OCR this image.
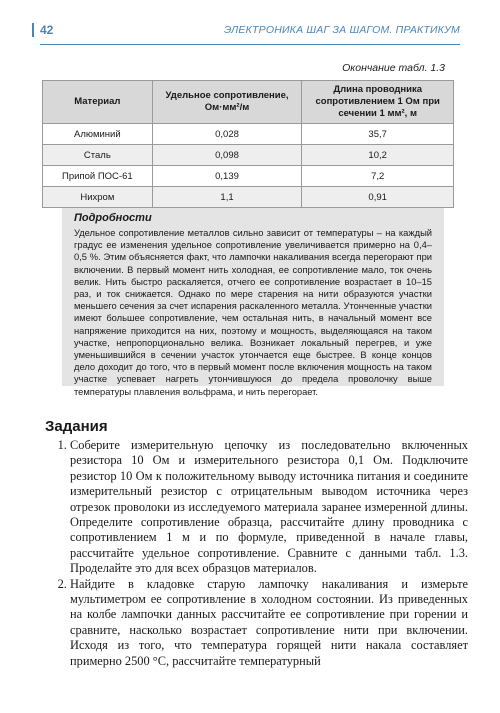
42	ЭЛЕКТРОНИКА ШАГ ЗА ШАГОМ. ПРАКТИКУМ
Окончание табл. 1.3
Материал	Удельное сопротивление, Ом·мм²/м	Длина проводника сопротивлением 1 Ом при сечении 1 мм², м
Алюминий	0,028	35,7
Сталь	0,098	10,2
Припой ПОС-61	0,139	7,2
Нихром	1,1	0,91

Подробности

Удельное сопротивление металлов сильно зависит от температуры – на каждый градус ее изменения удельное сопротивление увеличивается примерно на 0,4–0,5 %. Этим объясняется факт, что лампочки накаливания всегда перегорают при включении. В первый момент нить холодная, ее сопротивление мало, ток очень велик. Нить быстро раскаляется, отчего ее сопротивление возрастает в 10–15 раз, и ток снижается. Однако по мере старения на нити образуются участки меньшего сечения за счет испарения раскаленного металла. Утонченные участки имеют большее сопротивление, чем остальная нить, в начальный момент все напряжение приходится на них, поэтому и мощность, выделяющаяся на таком участке, непропорционально велика. Возникает локальный перегрев, и уже уменьшившийся в сечении участок утончается еще быстрее. В конце концов дело доходит до того, что в первый момент после включения мощность на таком участке успевает нагреть утончившуюся до предела проволочку выше температуры плавления вольфрама, и нить перегорает.

Задания
1. Соберите измерительную цепочку из последовательно включенных резистора 10 Ом и измерительного резистора 0,1 Ом. Подключите резистор 10 Ом к положительному выводу источника питания и соедините измерительный резистор с отрицательным выводом источника через отрезок проволоки из исследуемого материала заранее измеренной длины. Определите сопротивление образца, рассчитайте длину проводника с сопротивлением 1 м и по формуле, приведенной в начале главы, рассчитайте удельное сопротивление. Сравните с данными табл. 1.3. Проделайте это для всех образцов материалов.
2. Найдите в кладовке старую лампочку накаливания и измерьте мультиметром ее сопротивление в холодном состоянии. Из приведенных на колбе лампочки данных рассчитайте ее сопротивление при горении и сравните, насколько возрастает сопротивление нити при включении. Исходя из того, что температура горящей нити накала составляет примерно 2500 °С, рассчитайте температурный
